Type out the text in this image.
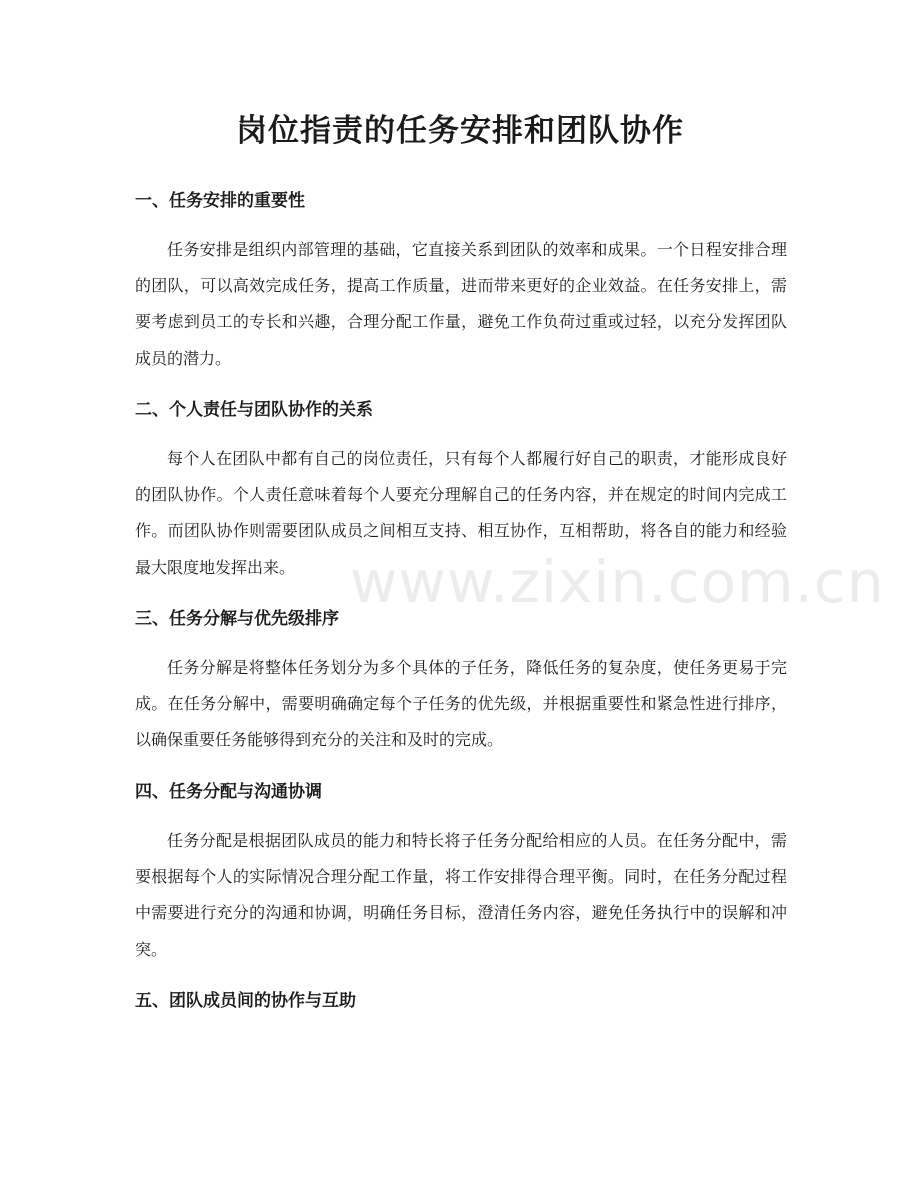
岗位指责的任务安排和团队协作
www.zixin.com.cn
一、任务安排的重要性

任务安排是组织内部管理的基础，它直接关系到团队的效率和成果。一个日程安排合理的团队，可以高效完成任务，提高工作质量，进而带来更好的企业效益。在任务安排上，需要考虑到员工的专长和兴趣，合理分配工作量，避免工作负荷过重或过轻，以充分发挥团队成员的潜力。

二、个人责任与团队协作的关系

每个人在团队中都有自己的岗位责任，只有每个人都履行好自己的职责，才能形成良好的团队协作。个人责任意味着每个人要充分理解自己的任务内容，并在规定的时间内完成工作。而团队协作则需要团队成员之间相互支持、相互协作，互相帮助，将各自的能力和经验最大限度地发挥出来。

三、任务分解与优先级排序

任务分解是将整体任务划分为多个具体的子任务，降低任务的复杂度，使任务更易于完成。在任务分解中，需要明确确定每个子任务的优先级，并根据重要性和紧急性进行排序，以确保重要任务能够得到充分的关注和及时的完成。

四、任务分配与沟通协调

任务分配是根据团队成员的能力和特长将子任务分配给相应的人员。在任务分配中，需要根据每个人的实际情况合理分配工作量，将工作安排得合理平衡。同时，在任务分配过程中需要进行充分的沟通和协调，明确任务目标，澄清任务内容，避免任务执行中的误解和冲突。

五、团队成员间的协作与互助
